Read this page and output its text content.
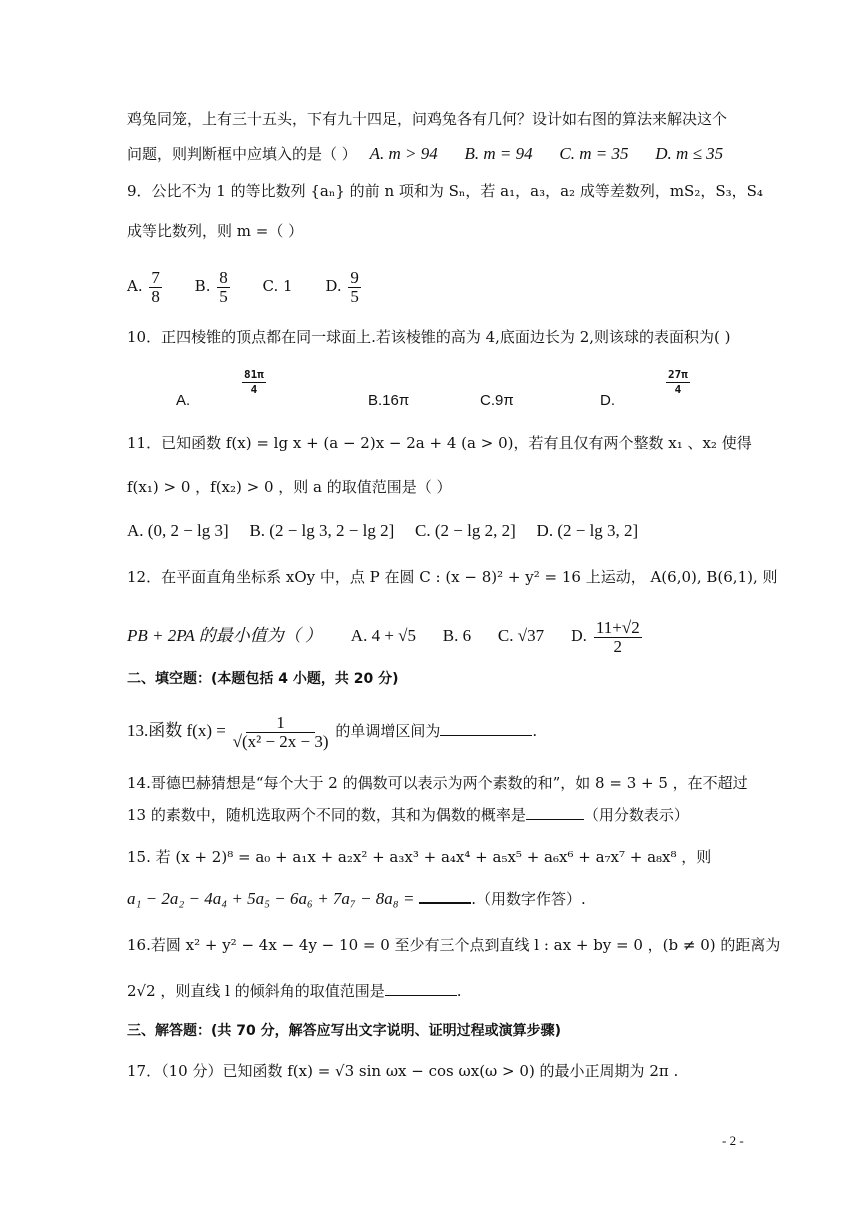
鸡兔同笼，上有三十五头，下有九十四足，问鸡兔各有几何？设计如右图的算法来解决这个
问题，则判断框中应填入的是（ ） A. m > 94 B. m = 94 C. m = 35 D. m ≤ 35
9．公比不为 1 的等比数列 {aₙ} 的前 n 项和为 Sₙ，若 a₁，a₃，a₂ 成等差数列，mS₂，S₃，S₄
成等比数列，则 m =（ ）
A. $\frac{7}{8} B$. $\frac{8}{5} C$. 1 D. $\frac{9}{5}$
10．正四棱锥的顶点都在同一球面上.若该棱锥的高为 4,底面边长为 2,则该球的表面积为( )
A.
$\frac{81\pi}{4}$
B.16π	C.9π	D.
$\frac{27\pi}{4}$
11．已知函数 f(x) = lg x + (a − 2)x − 2a + 4 (a > 0)，若有且仅有两个整数 x₁ 、x₂ 使得
f(x₁) > 0 ，f(x₂) > 0 ，则 a 的取值范围是（ ）
A. (0, 2 − lg 3] B. (2 − lg 3, 2 − lg 2] C. (2 − lg 2, 2] D. (2 − lg 3, 2]
12．在平面直角坐标系 xOy 中，点 P 在圆 C : (x − 8)² + y² = 16 上运动， A(6,0), B(6,1), 则
PB + 2PA 的最小值为（ ） A. 4 + √5 B. 6 C. √37 D. $\frac{11+√2}{2}$
二、填空题：(本题包括 4 小题，共 20 分)
13.函数 $f(x) = \frac{1}{\text{√(x² − 2x − 3)}}$ 的单调增区间为	.
14.哥德巴赫猜想是“每个大于 2 的偶数可以表示为两个素数的和”，如 8 = 3 + 5 ，在不超过
13 的素数中，随机选取两个不同的数，其和为偶数的概率是	（用分数表示）
15. 若 (x + 2)⁸ = a₀ + a₁x + a₂x² + a₃x³ + a₄x⁴ + a₅x⁵ + a₆x⁶ + a₇x⁷ + a₈x⁸ ，则
a₁ − 2a₂ − 4a₄ + 5a₅ − 6a₆ + 7a₇ − 8a₈ =	.（用数字作答）.
16.若圆 x² + y² − 4x − 4y − 10 = 0 至少有三个点到直线 l : ax + by = 0 ，(b ≠ 0) 的距离为
2√2 ，则直线 l 的倾斜角的取值范围是	.
三、解答题：(共 70 分，解答应写出文字说明、证明过程或演算步骤)
17．（10 分）已知函数 f(x) = √3 sin ωx − cos ωx(ω > 0) 的最小正周期为 2π .
- 2 -
